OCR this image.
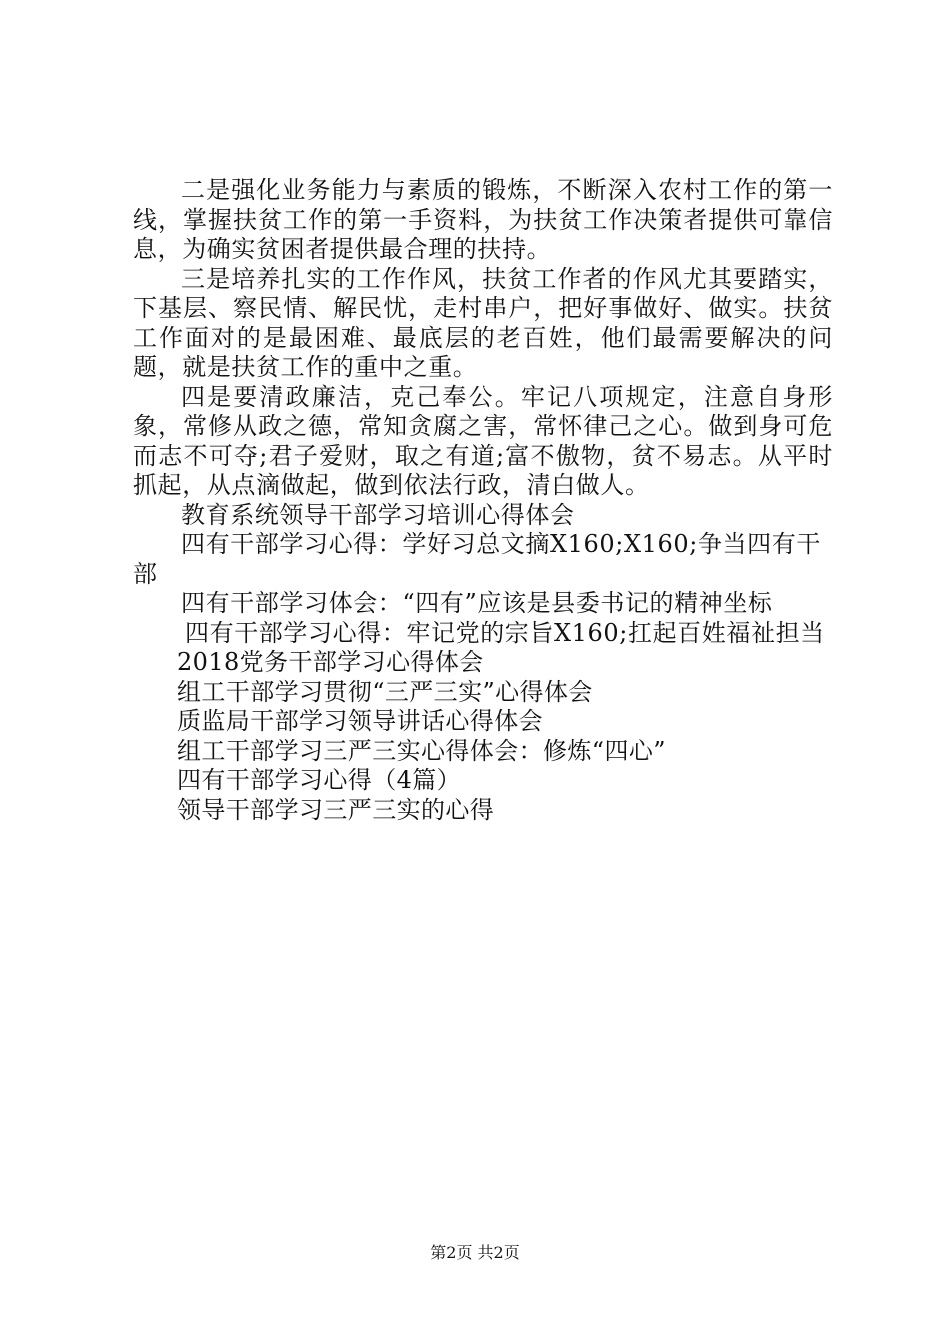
二是强化业务能力与素质的锻炼，不断深入农村工作的第一线，掌握扶贫工作的第一手资料，为扶贫工作决策者提供可靠信息，为确实贫困者提供最合理的扶持。

三是培养扎实的工作作风，扶贫工作者的作风尤其要踏实，下基层、察民情、解民忧，走村串户，把好事做好、做实。扶贫工作面对的是最困难、最底层的老百姓，他们最需要解决的问题，就是扶贫工作的重中之重。

四是要清政廉洁，克己奉公。牢记八项规定，注意自身形象，常修从政之德，常知贪腐之害，常怀律己之心。做到身可危而志不可夺;君子爱财，取之有道;富不傲物，贫不易志。从平时抓起，从点滴做起，做到依法行政，清白做人。

教育系统领导干部学习培训心得体会

四有干部学习心得：学好习总文摘X160;X160;争当四有干部

四有干部学习体会：“四有”应该是县委书记的精神坐标

四有干部学习心得：牢记党的宗旨X160;扛起百姓福祉担当

2018党务干部学习心得体会
组工干部学习贯彻“三严三实”心得体会
质监局干部学习领导讲话心得体会
组工干部学习三严三实心得体会：修炼“四心”
四有干部学习心得（4篇）
领导干部学习三严三实的心得
第2页 共2页
